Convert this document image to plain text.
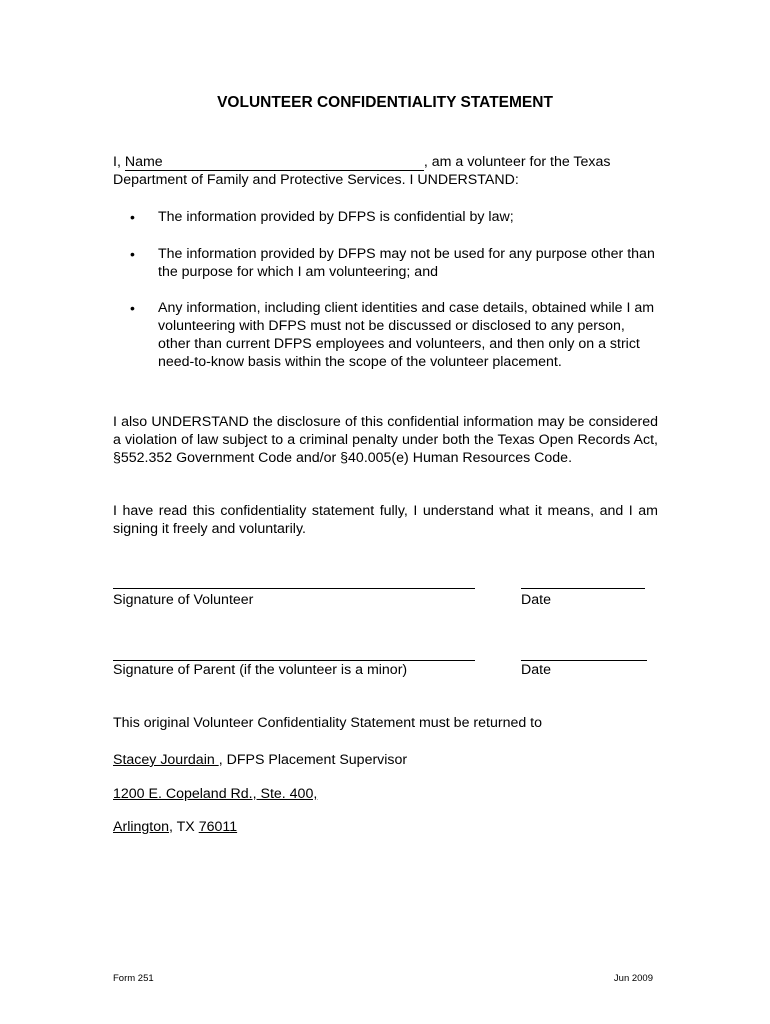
VOLUNTEER CONFIDENTIALITY STATEMENT
I, Name	, am a volunteer for the Texas
Department of Family and Protective Services. I UNDERSTAND:
•	The information provided by DFPS is confidential by law;
•	The information provided by DFPS may not be used for any purpose other than the purpose for which I am volunteering; and
•	Any information, including client identities and case details, obtained while I am volunteering with DFPS must not be discussed or disclosed to any person, other than current DFPS employees and volunteers, and then only on a strict need-to-know basis within the scope of the volunteer placement.
I also UNDERSTAND the disclosure of this confidential information may be considered a violation of law subject to a criminal penalty under both the Texas Open Records Act, §552.352 Government Code and/or §40.005(e) Human Resources Code.
I have read this confidentiality statement fully, I understand what it means, and I am signing it freely and voluntarily.
Signature of Volunteer	Date
Signature of Parent (if the volunteer is a minor)	Date
This original Volunteer Confidentiality Statement must be returned to
Stacey Jourdain , DFPS Placement Supervisor
1200 E. Copeland Rd., Ste. 400,
Arlington, TX 76011
Form 251	Jun 2009
